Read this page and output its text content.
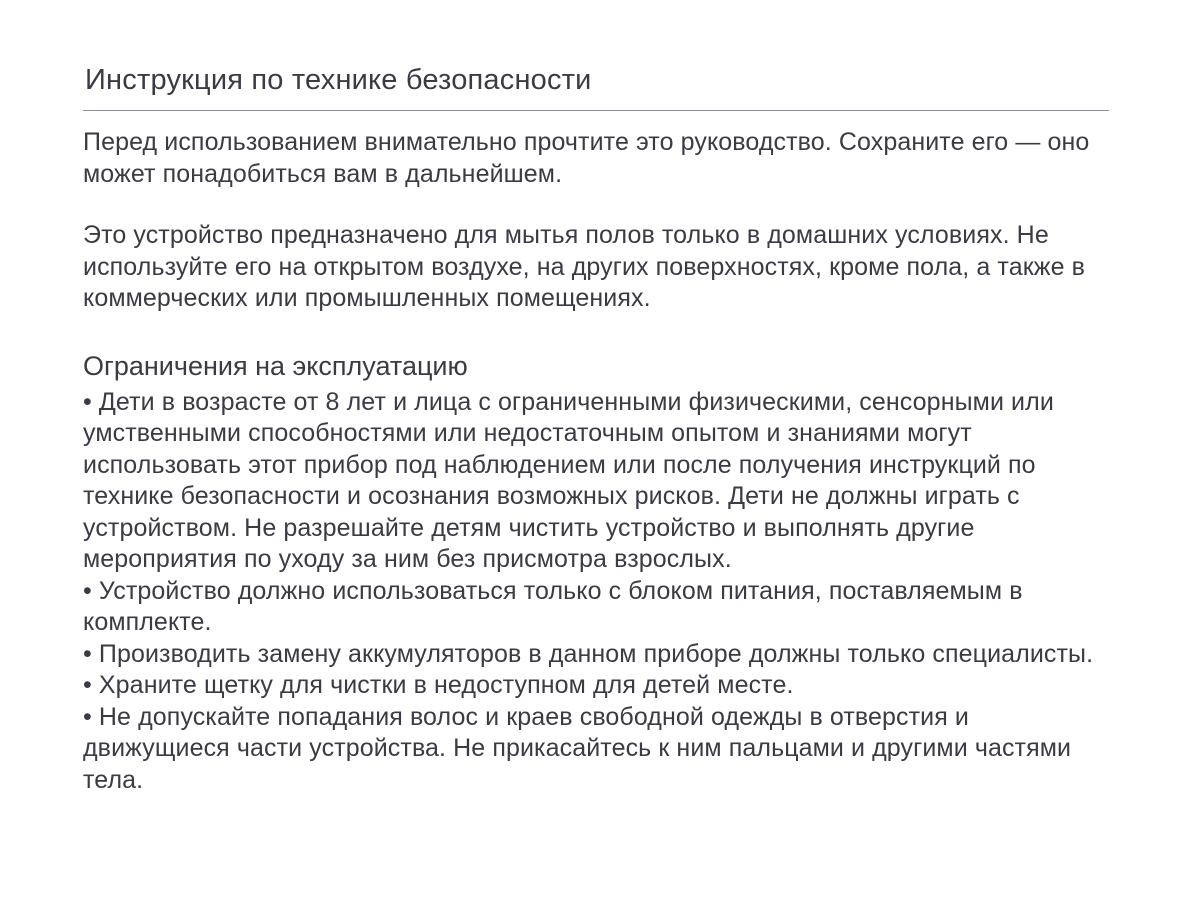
Инструкция по технике безопасности

Перед использованием внимательно прочтите это руководство. Сохраните его — оно может понадобиться вам в дальнейшем.

Это устройство предназначено для мытья полов только в домашних условиях. Не используйте его на открытом воздухе, на других поверхностях, кроме пола, а также в коммерческих или промышленных помещениях.

Ограничения на эксплуатацию
• Дети в возрасте от 8 лет и лица с ограниченными физическими, сенсорными или умственными способностями или недостаточным опытом и знаниями могут использовать этот прибор под наблюдением или после получения инструкций по технике безопасности и осознания возможных рисков. Дети не должны играть с устройством. Не разрешайте детям чистить устройство и выполнять другие мероприятия по уходу за ним без присмотра взрослых.
• Устройство должно использоваться только с блоком питания, поставляемым в комплекте.
• Производить замену аккумуляторов в данном приборе должны только специалисты.
• Храните щетку для чистки в недоступном для детей месте.
• Не допускайте попадания волос и краев свободной одежды в отверстия и движущиеся части устройства. Не прикасайтесь к ним пальцами и другими частями тела.
